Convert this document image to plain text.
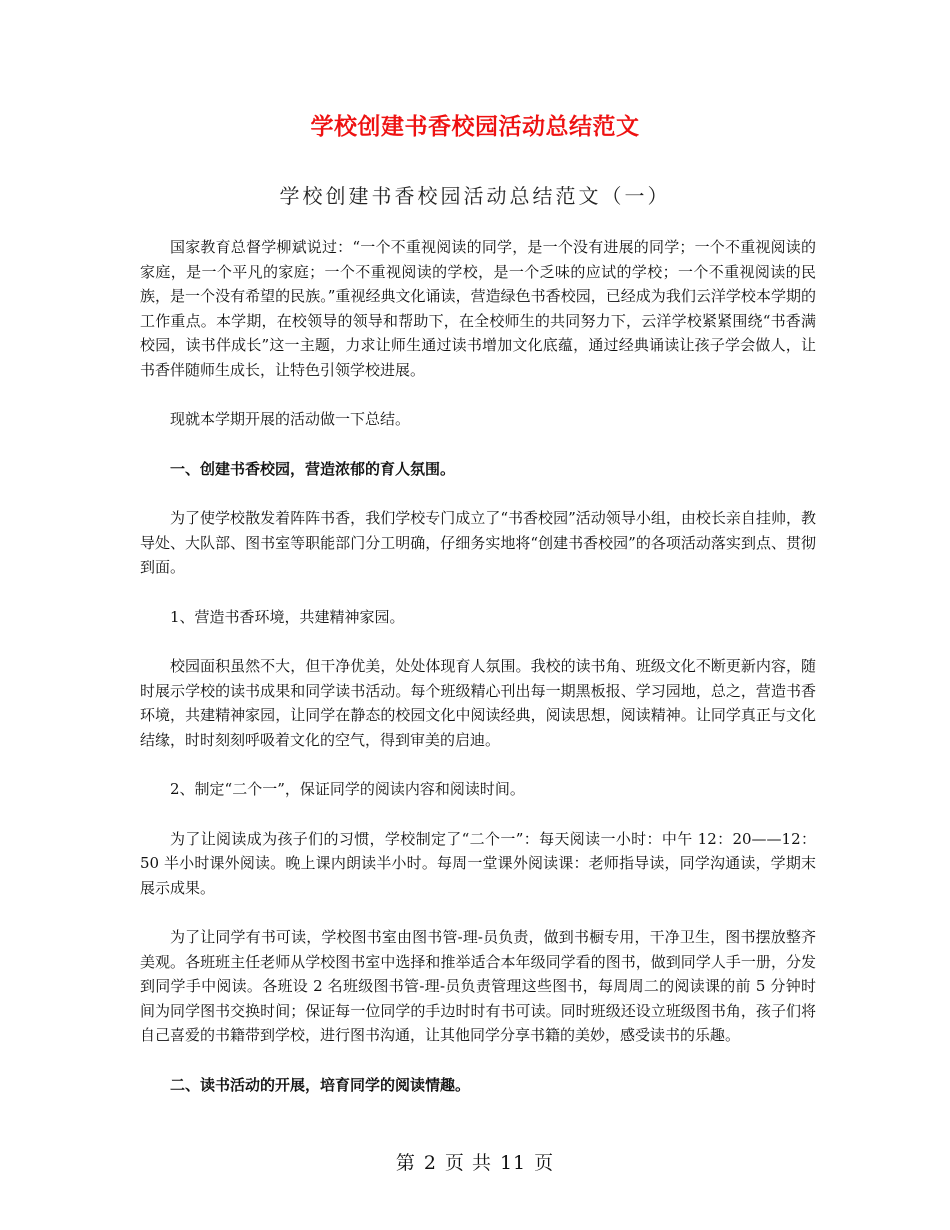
学校创建书香校园活动总结范文
学校创建书香校园活动总结范文（一）

国家教育总督学柳斌说过：“一个不重视阅读的同学，是一个没有进展的同学；一个不重视阅读的家庭，是一个平凡的家庭；一个不重视阅读的学校，是一个乏味的应试的学校；一个不重视阅读的民族，是一个没有希望的民族。”重视经典文化诵读，营造绿色书香校园，已经成为我们云洋学校本学期的工作重点。本学期，在校领导的领导和帮助下，在全校师生的共同努力下，云洋学校紧紧围绕“书香满校园，读书伴成长”这一主题，力求让师生通过读书增加文化底蕴，通过经典诵读让孩子学会做人，让书香伴随师生成长，让特色引领学校进展。

现就本学期开展的活动做一下总结。

一、创建书香校园，营造浓郁的育人氛围。

为了使学校散发着阵阵书香，我们学校专门成立了“书香校园”活动领导小组，由校长亲自挂帅，教导处、大队部、图书室等职能部门分工明确，仔细务实地将“创建书香校园”的各项活动落实到点、贯彻到面。

1、营造书香环境，共建精神家园。

校园面积虽然不大，但干净优美，处处体现育人氛围。我校的读书角、班级文化不断更新内容，随时展示学校的读书成果和同学读书活动。每个班级精心刊出每一期黑板报、学习园地，总之，营造书香环境，共建精神家园，让同学在静态的校园文化中阅读经典，阅读思想，阅读精神。让同学真正与文化结缘，时时刻刻呼吸着文化的空气，得到审美的启迪。

2、制定“二个一”，保证同学的阅读内容和阅读时间。

为了让阅读成为孩子们的习惯，学校制定了“二个一”：每天阅读一小时：中午 12：20——12：50 半小时课外阅读。晚上课内朗读半小时。每周一堂课外阅读课：老师指导读，同学沟通读，学期末展示成果。

为了让同学有书可读，学校图书室由图书管-理-员负责，做到书橱专用，干净卫生，图书摆放整齐美观。各班班主任老师从学校图书室中选择和推举适合本年级同学看的图书，做到同学人手一册，分发到同学手中阅读。各班设 2 名班级图书管-理-员负责管理这些图书，每周周二的阅读课的前 5 分钟时间为同学图书交换时间；保证每一位同学的手边时时有书可读。同时班级还设立班级图书角，孩子们将自己喜爱的书籍带到学校，进行图书沟通，让其他同学分享书籍的美妙，感受读书的乐趣。

二、读书活动的开展，培育同学的阅读情趣。

第 2 页 共 11 页
